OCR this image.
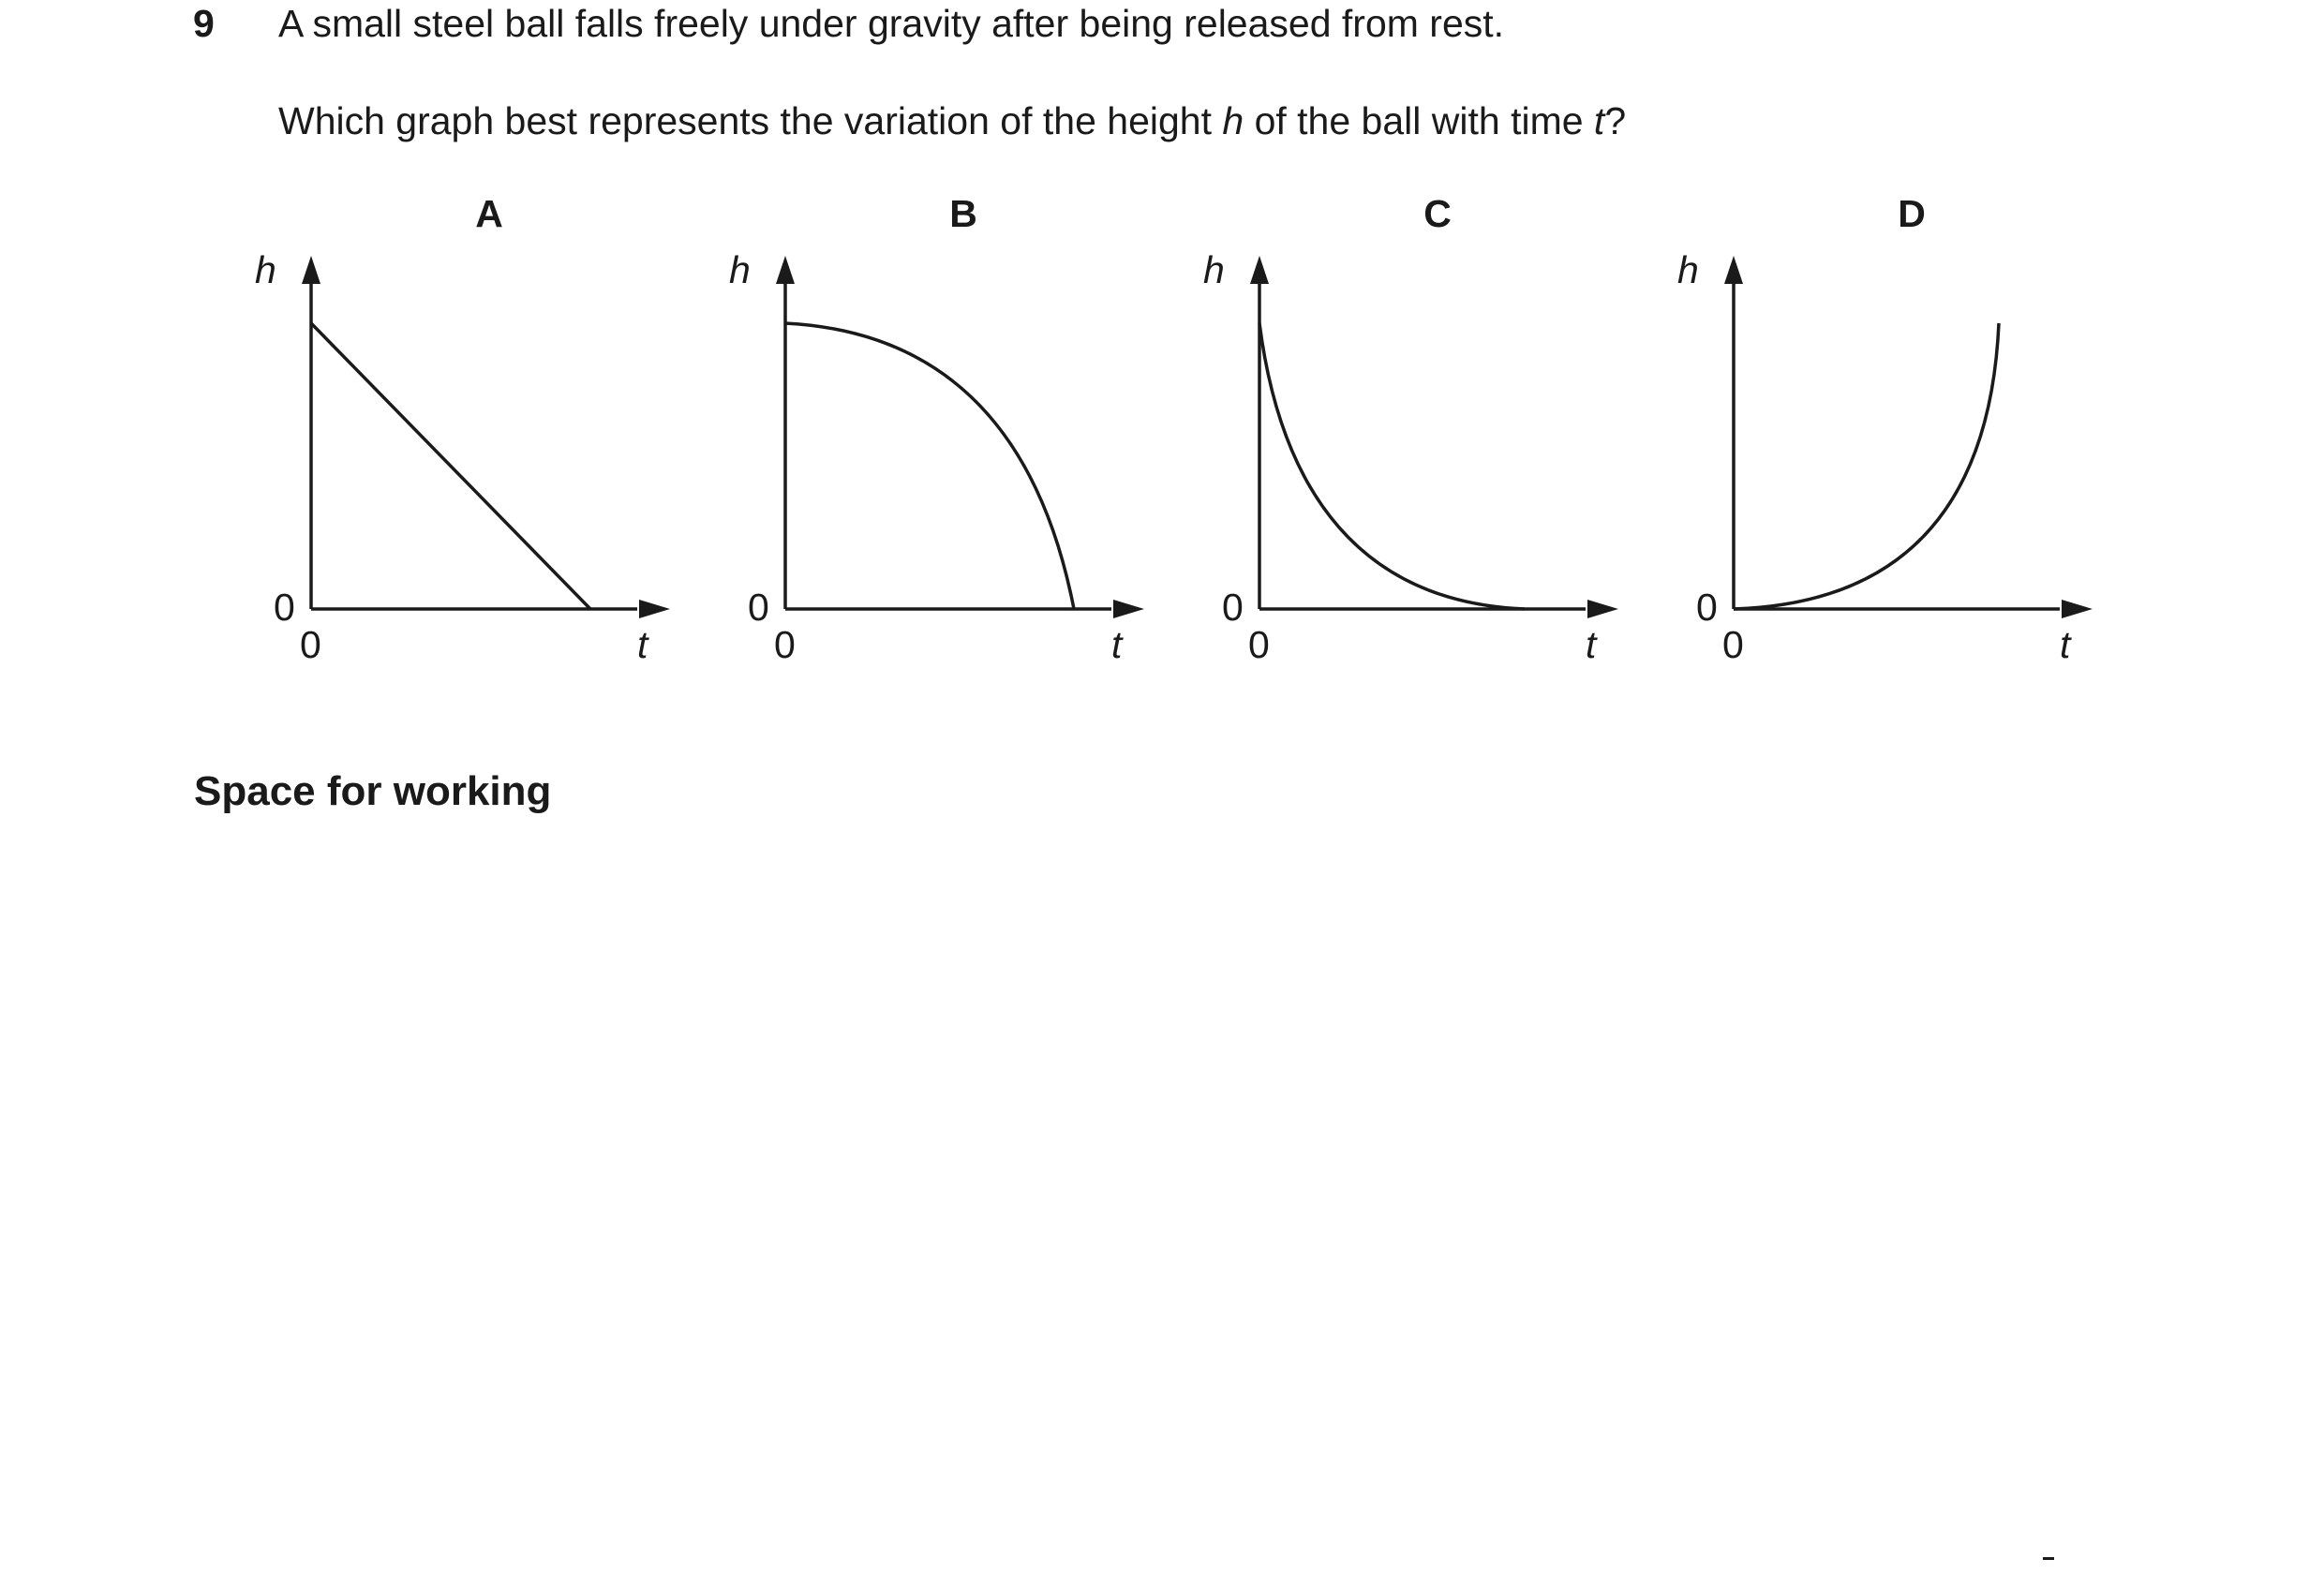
9 A small steel ball falls freely under gravity after being released from rest.
Which graph best represents the variation of the height h of the ball with time t?
A
h
t
0
0
B
h
t
0
0
C
h
t
0
0
D
h
t
0
0
Space for working
